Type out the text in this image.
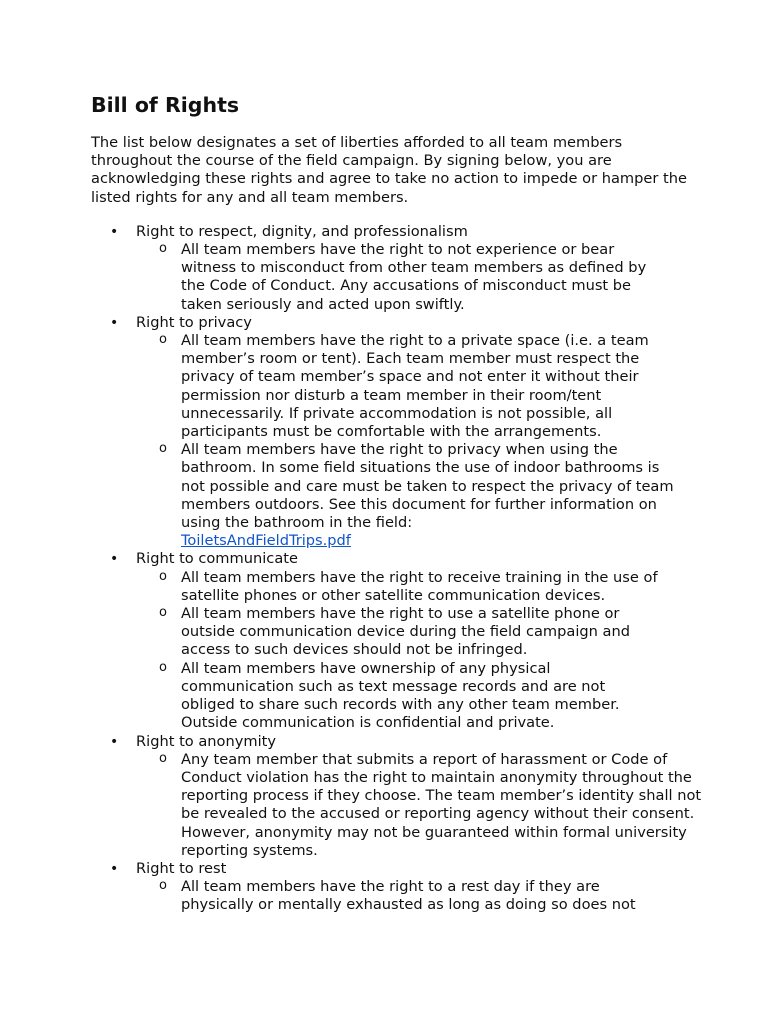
Bill of Rights

The list below designates a set of liberties afforded to all team members throughout the course of the field campaign. By signing below, you are acknowledging these rights and agree to take no action to impede or hamper the listed rights for any and all team members.

• Right to respect, dignity, and professionalism
o All team members have the right to not experience or bear witness to misconduct from other team members as defined by the Code of Conduct. Any accusations of misconduct must be taken seriously and acted upon swiftly.
• Right to privacy
o All team members have the right to a private space (i.e. a team member’s room or tent). Each team member must respect the privacy of team member’s space and not enter it without their permission nor disturb a team member in their room/tent unnecessarily. If private accommodation is not possible, all participants must be comfortable with the arrangements.
o All team members have the right to privacy when using the bathroom. In some field situations the use of indoor bathrooms is not possible and care must be taken to respect the privacy of team members outdoors. See this document for further information on using the bathroom in the field:
ToiletsAndFieldTrips.pdf
• Right to communicate
o All team members have the right to receive training in the use of satellite phones or other satellite communication devices.
o All team members have the right to use a satellite phone or outside communication device during the field campaign and access to such devices should not be infringed.
o All team members have ownership of any physical communication such as text message records and are not obliged to share such records with any other team member. Outside communication is confidential and private.
• Right to anonymity
o Any team member that submits a report of harassment or Code of Conduct violation has the right to maintain anonymity throughout the reporting process if they choose. The team member’s identity shall not be revealed to the accused or reporting agency without their consent. However, anonymity may not be guaranteed within formal university reporting systems.
• Right to rest
o All team members have the right to a rest day if they are physically or mentally exhausted as long as doing so does not
